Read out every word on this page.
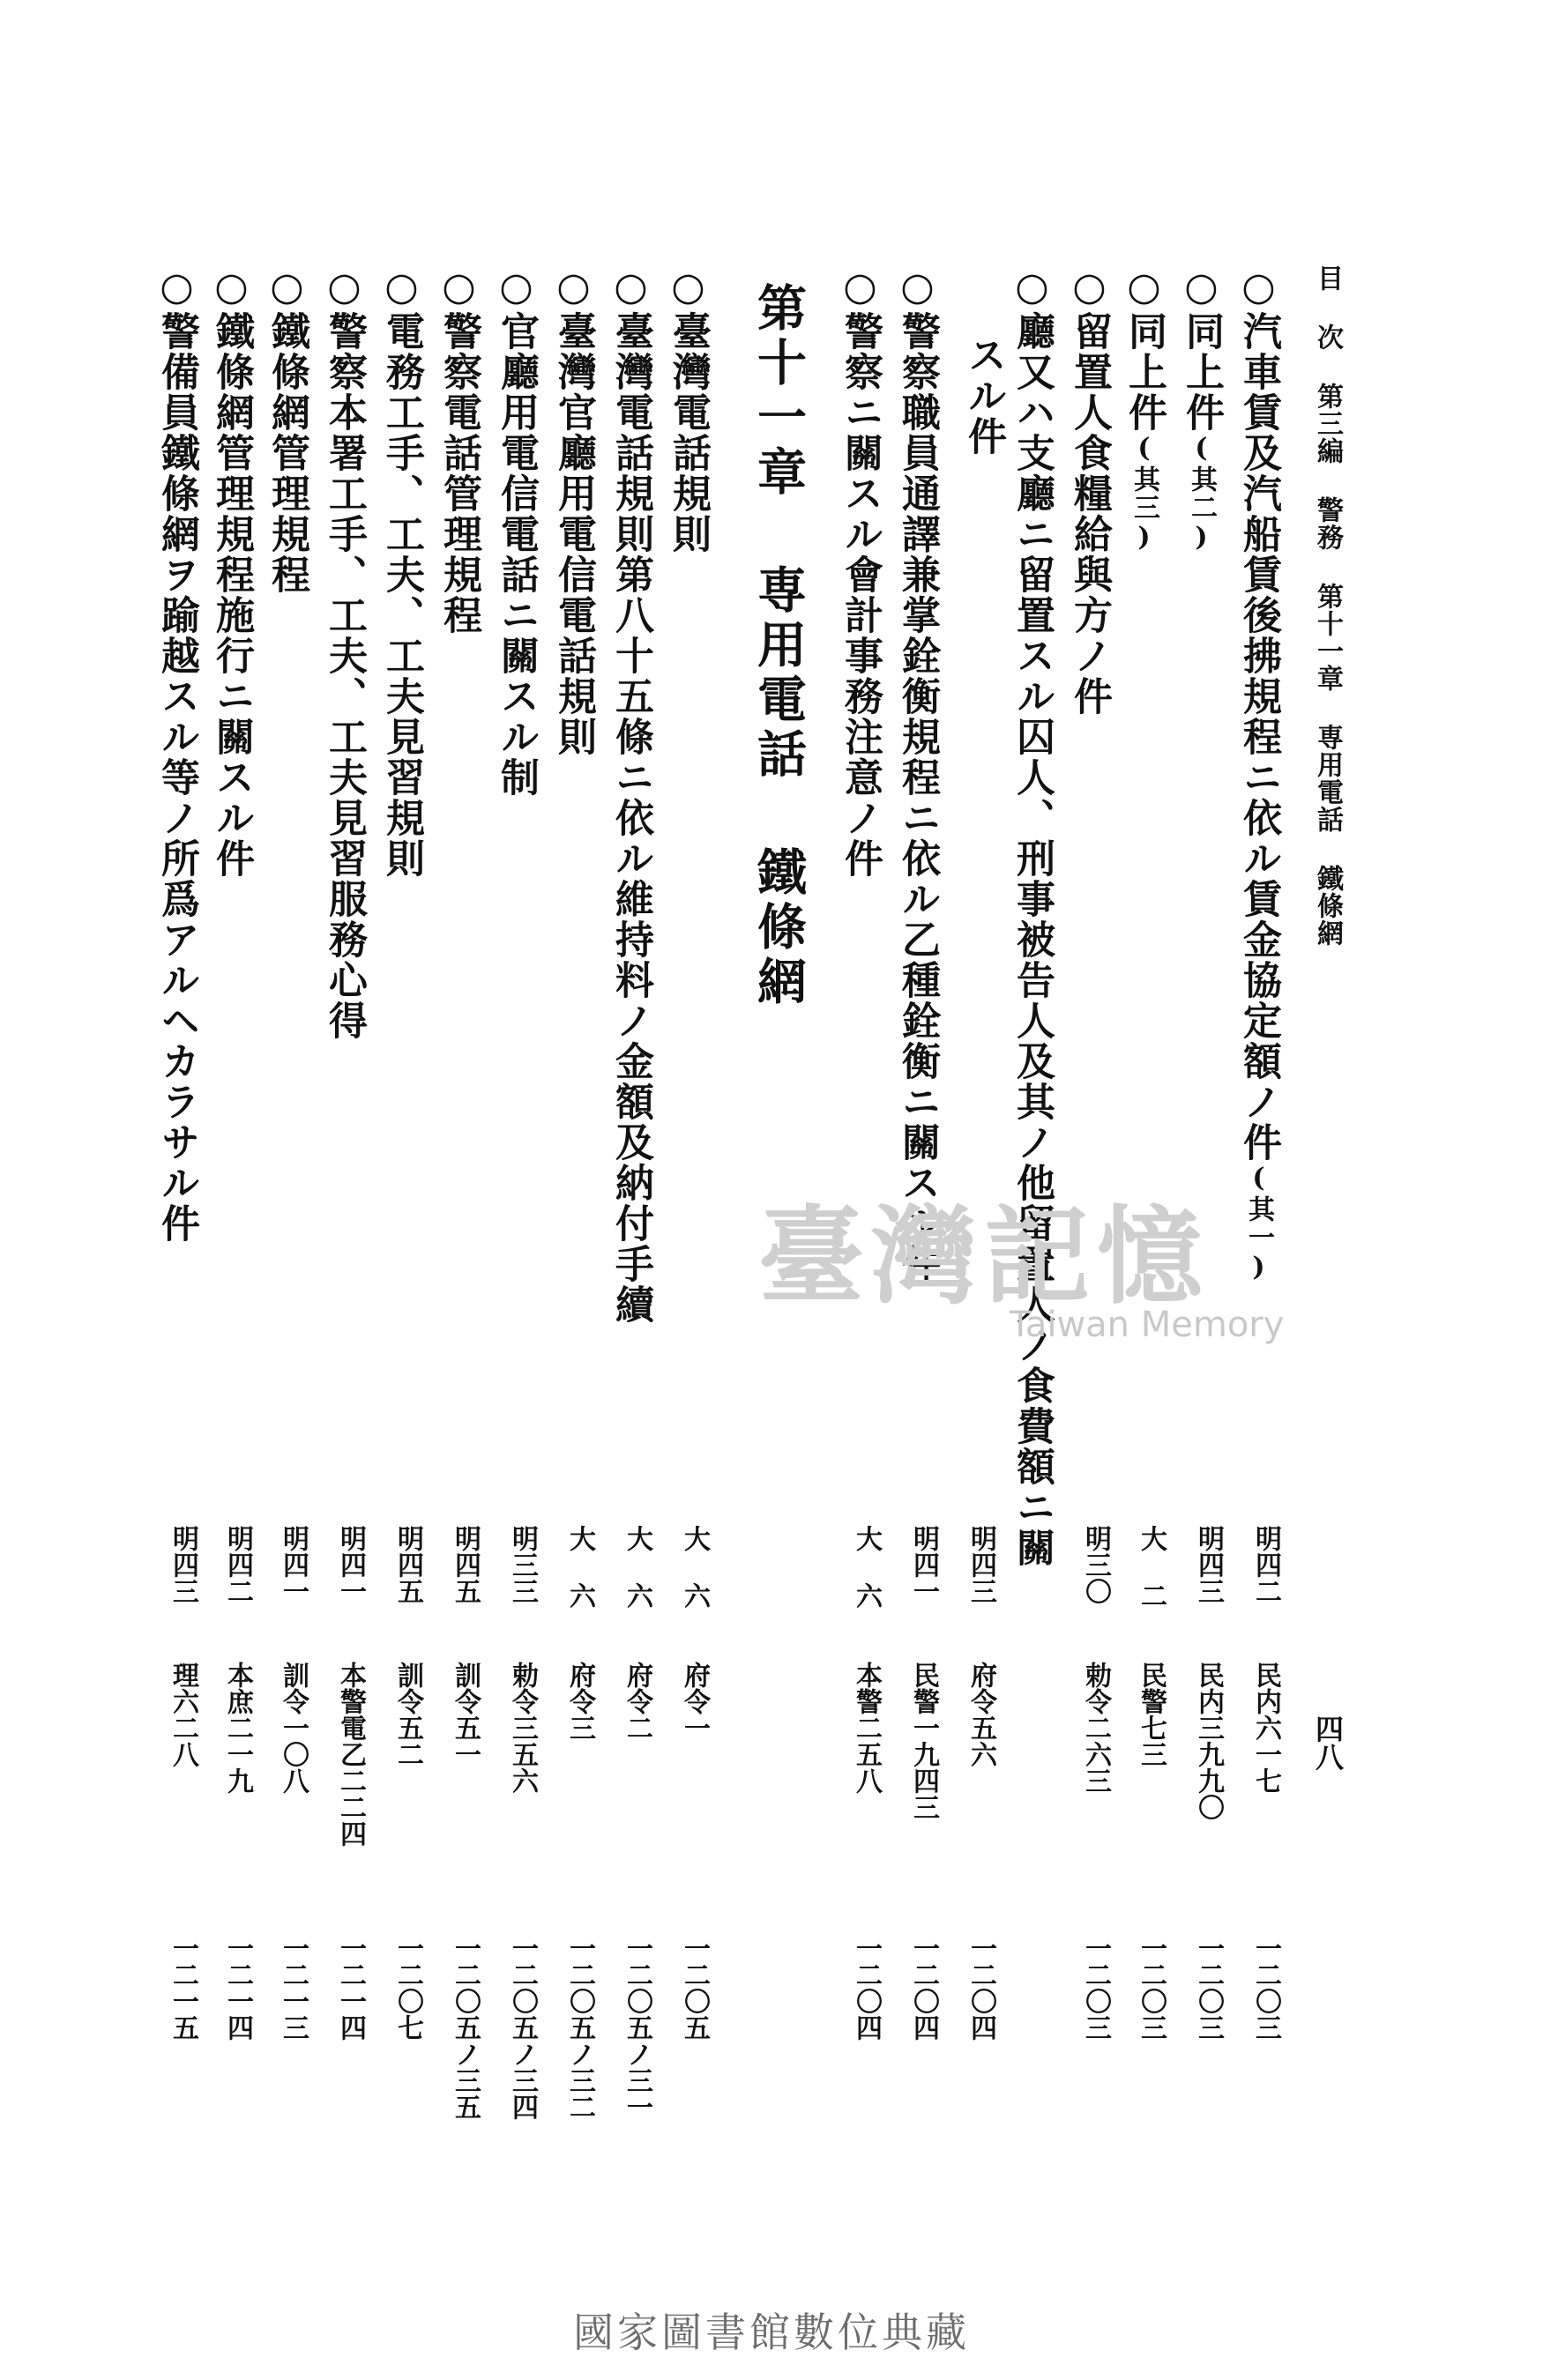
目 次 第三編 警務 第十一章 専用電話 鐵條網
四八
○汽車賃及汽船賃後拂規程ニ依ル賃金協定額ノ件(其一)
○同上件(其二)
○同上件(其三)
○留置人食糧給與方ノ件
○廳又ハ支廳ニ留置スル囚人、刑事被告人及其ノ他留置人ノ食費額ニ關
スル件
○警察職員通譯兼掌銓衡規程ニ依ル乙種銓衡ニ關スル件
○警察ニ關スル會計事務注意ノ件
第十一章 専用電話 鐵條網
○臺灣電話規則
○臺灣電話規則第八十五條ニ依ル維持料ノ金額及納付手續
○臺灣官廳用電信電話規則
○官廳用電信電話ニ關スル制
○警察電話管理規程
○電務工手、工夫、工夫見習規則
○警察本署工手、工夫、工夫見習服務心得
○鐵條網管理規程
○鐵條網管理規程施行ニ關スル件
○警備員鐵條網ヲ踰越スル等ノ所爲アルヘカラサル件
明四二
明四三
大 二
明三〇
明四三
明四一
大 六
大 六
大 六
大 六
明三三
明四五
明四五
明四一
明四一
明四二
明四三
民内六一七
民内三九九〇
民警七三
勅令二六三
府令五六
民警一九四三
本警二五八
府令一
府令二
府令三
勅令三五六
訓令五一
訓令五二
本警電乙二二四
訓令一〇八
本庶二一九
理六二八
一二〇三
一二〇三
一二〇三
一二〇三
一二〇四
一二〇四
一二〇四
一二〇五
一二〇五ノ三一
一二〇五ノ三二
一二〇五ノ三四
一二〇五ノ三五
一二〇七
一二一四
一二一三
一二一四
一二一五
臺灣記憶
Taiwan Memory
國家圖書館數位典藏
